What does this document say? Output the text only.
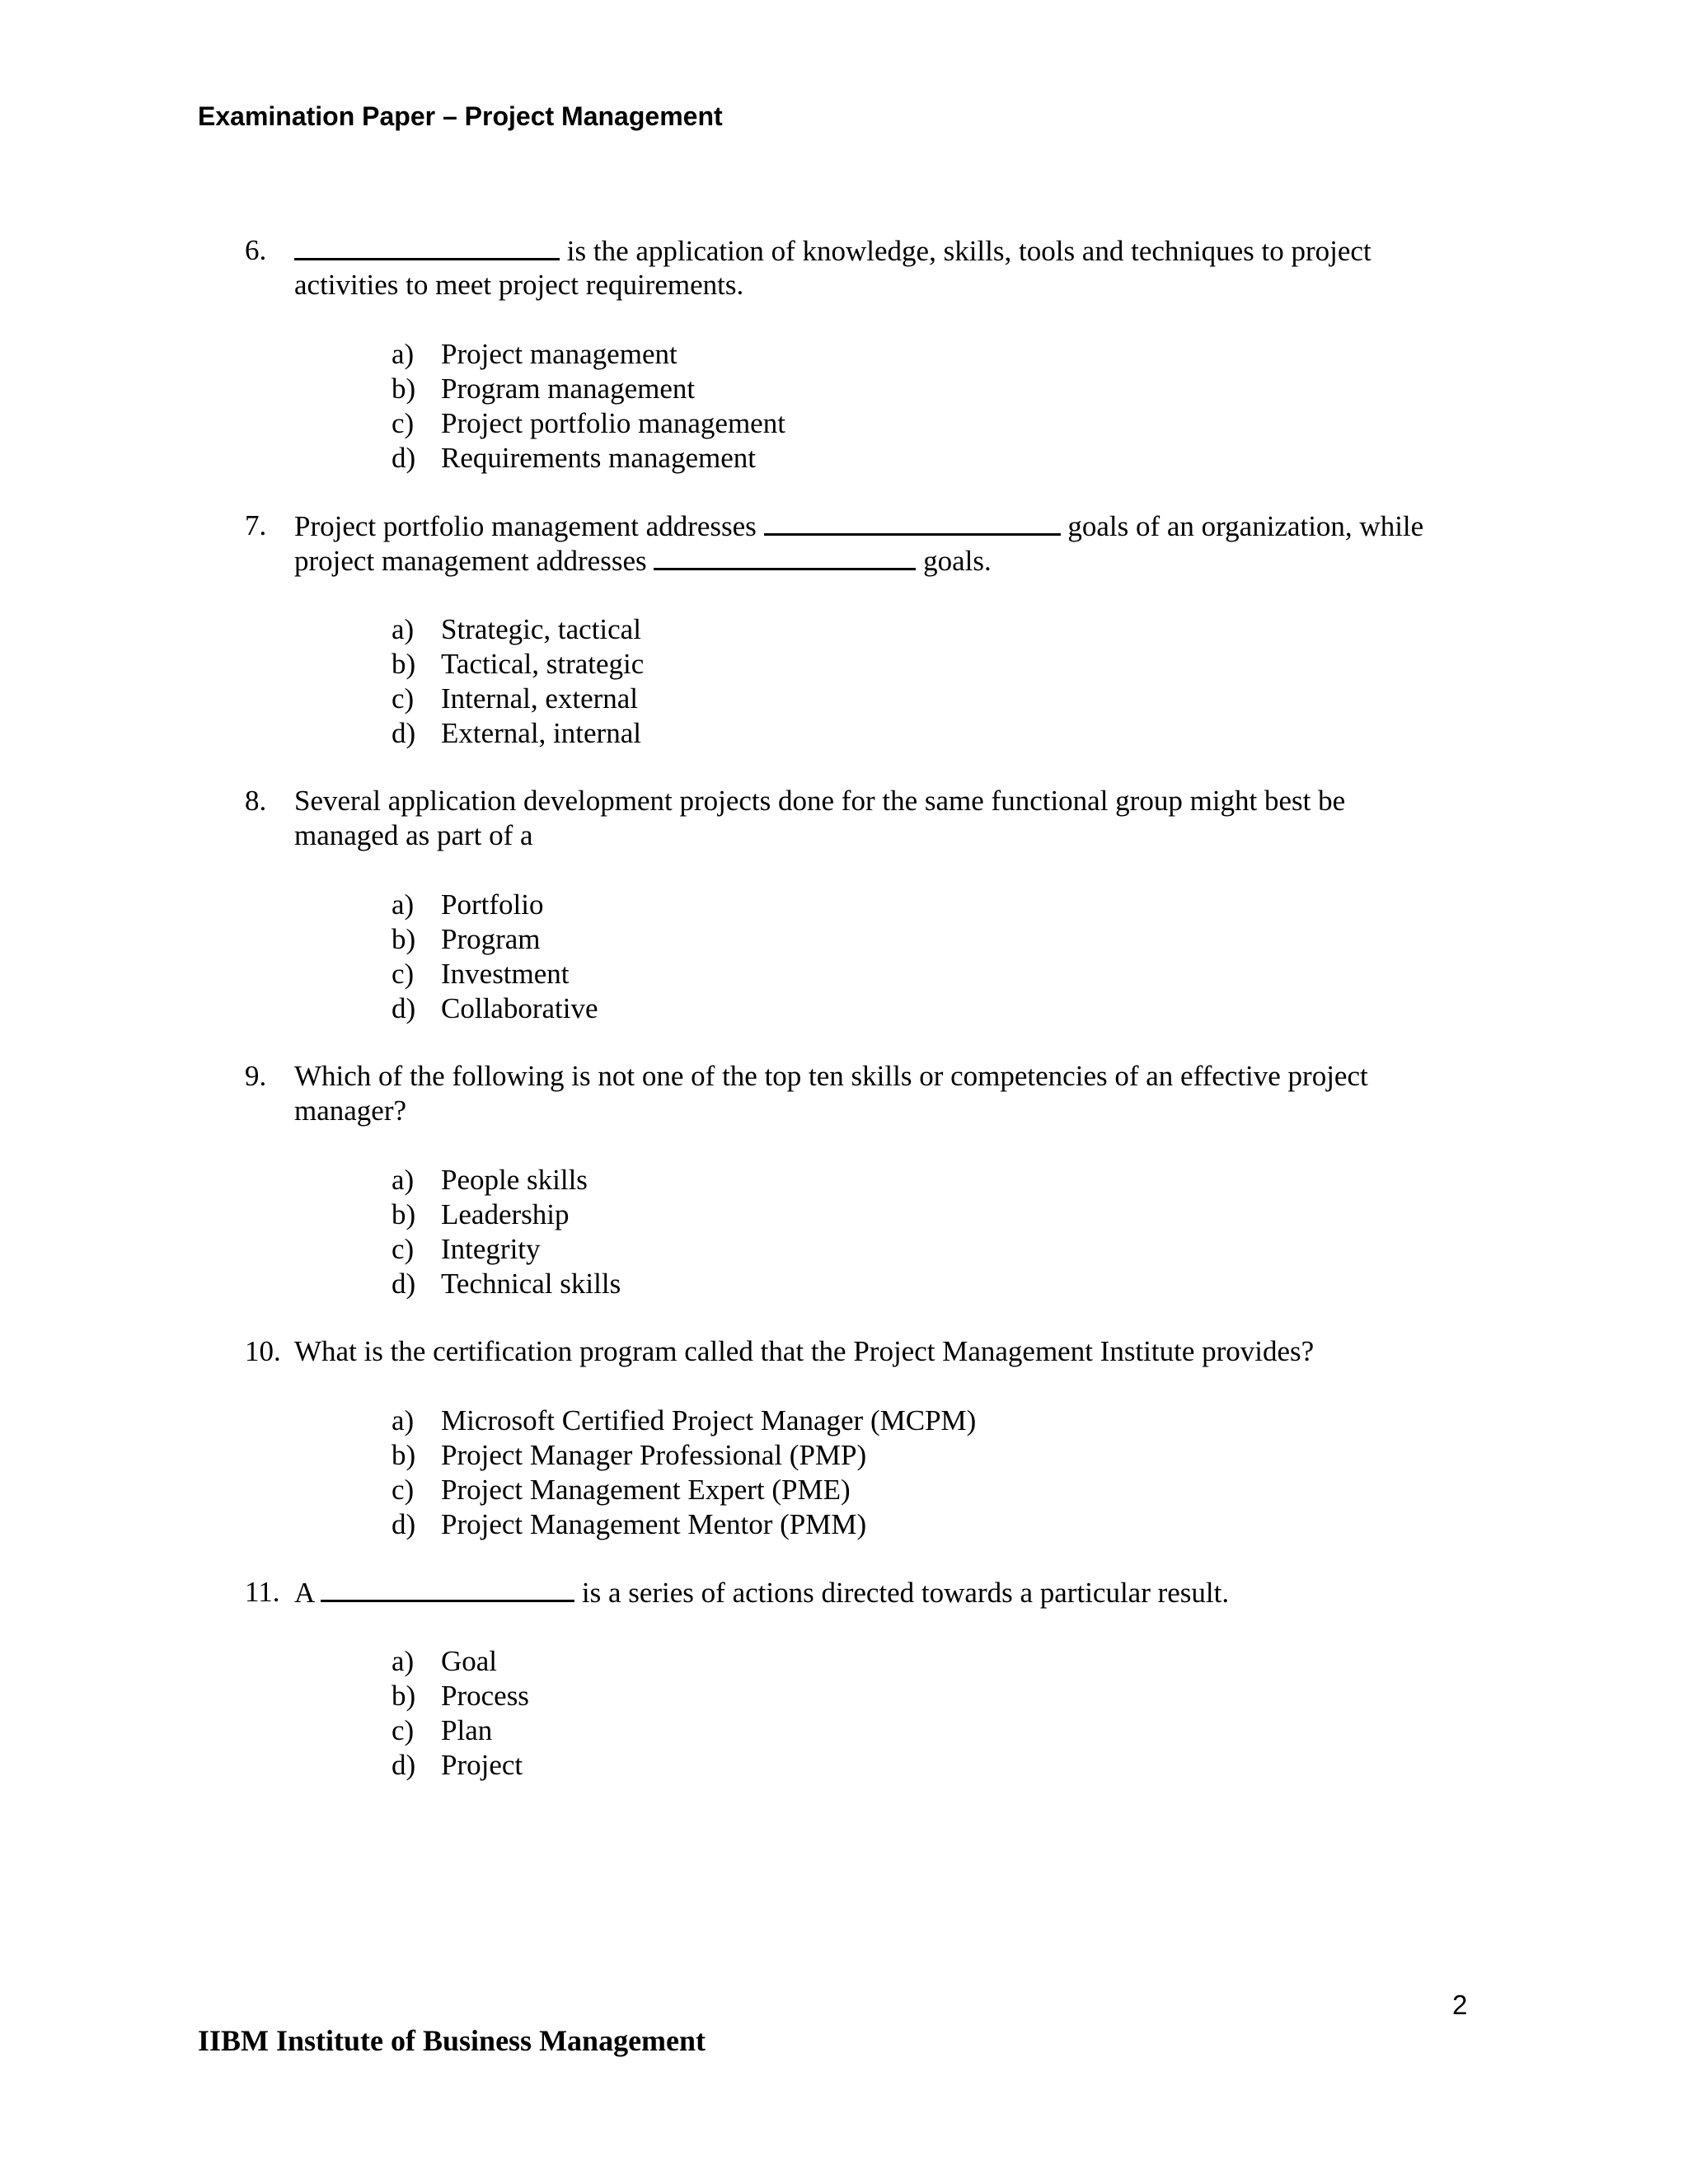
Examination Paper – Project Management
6.	is the application of knowledge, skills, tools and techniques to project
activities to meet project requirements.
a) Project management
b) Program management
c) Project portfolio management
d) Requirements management
7. Project portfolio management addresses	goals of an organization, while
project management addresses	goals.
a) Strategic, tactical
b) Tactical, strategic
c) Internal, external
d) External, internal
8. Several application development projects done for the same functional group might best be
managed as part of a
a) Portfolio
b) Program
c) Investment
d) Collaborative
9. Which of the following is not one of the top ten skills or competencies of an effective project
manager?
a) People skills
b) Leadership
c) Integrity
d) Technical skills
10. What is the certification program called that the Project Management Institute provides?
a) Microsoft Certified Project Manager (MCPM)
b) Project Manager Professional (PMP)
c) Project Management Expert (PME)
d) Project Management Mentor (PMM)
11. A	is a series of actions directed towards a particular result.
a) Goal
b) Process
c) Plan
d) Project
2
IIBM Institute of Business Management
